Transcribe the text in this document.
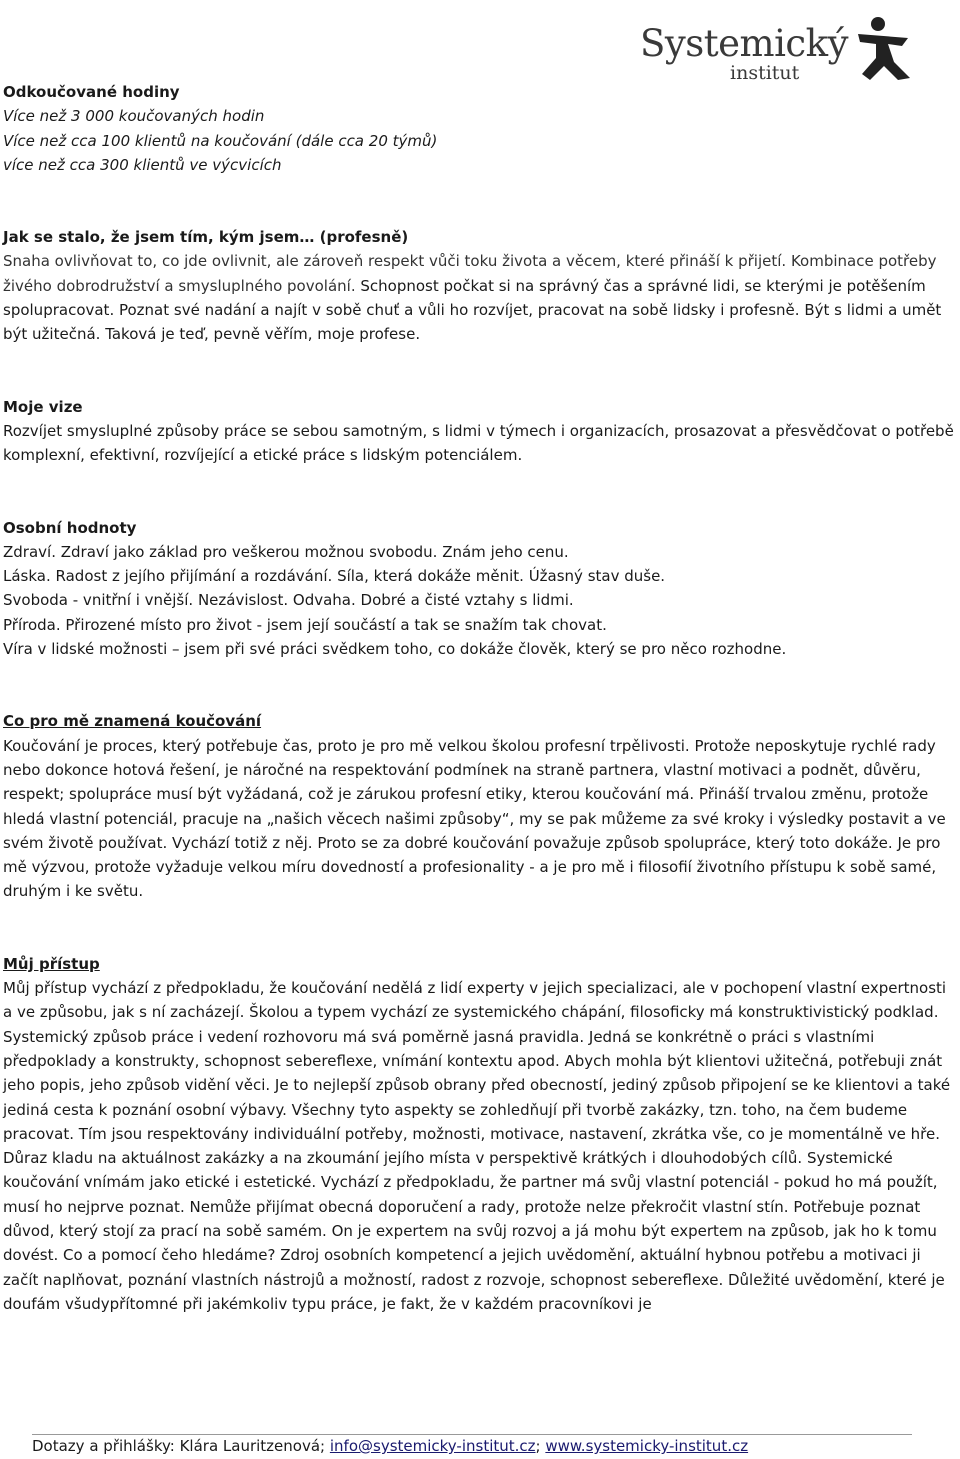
Systemický
institut

Odkoučované hodiny

Více než 3 000 koučovaných hodin

Více než cca 100 klientů na koučování (dále cca 20 týmů)

více než cca 300 klientů ve výcvicích

Jak se stalo, že jsem tím, kým jsem… (profesně)

Snaha ovlivňovat to, co jde ovlivnit, ale zároveň respekt vůči toku života a věcem, které přináší k přijetí. Kombinace potřeby živého dobrodružství a smysluplného povolání. Schopnost počkat si na správný čas a správné lidi, se kterými je potěšením spolupracovat. Poznat své nadání a najít v sobě chuť a vůli ho rozvíjet, pracovat na sobě lidsky i profesně. Být s lidmi a umět být užitečná. Taková je teď, pevně věřím, moje profese.

Moje vize

Rozvíjet smysluplné způsoby práce se sebou samotným, s lidmi v týmech i organizacích, prosazovat a přesvědčovat o potřebě komplexní, efektivní, rozvíjející a etické práce s lidským potenciálem.

Osobní hodnoty

Zdraví. Zdraví jako základ pro veškerou možnou svobodu. Znám jeho cenu.

Láska. Radost z jejího přijímání a rozdávání. Síla, která dokáže měnit. Úžasný stav duše.

Svoboda - vnitřní i vnější. Nezávislost. Odvaha. Dobré a čisté vztahy s lidmi.

Příroda. Přirozené místo pro život - jsem její součástí a tak se snažím tak chovat.

Víra v lidské možnosti – jsem při své práci svědkem toho, co dokáže člověk, který se pro něco rozhodne.

Co pro mě znamená koučování

Koučování je proces, který potřebuje čas, proto je pro mě velkou školou profesní trpělivosti. Protože neposkytuje rychlé rady nebo dokonce hotová řešení, je náročné na respektování podmínek na straně partnera, vlastní motivaci a podnět, důvěru, respekt; spolupráce musí být vyžádaná, což je zárukou profesní etiky, kterou koučování má. Přináší trvalou změnu, protože hledá vlastní potenciál, pracuje na „našich věcech našimi způsoby“, my se pak můžeme za své kroky i výsledky postavit a ve svém životě používat. Vychází totiž z něj. Proto se za dobré koučování považuje způsob spolupráce, který toto dokáže. Je pro mě výzvou, protože vyžaduje velkou míru dovedností a profesionality - a je pro mě i filosofií životního přístupu k sobě samé, druhým i ke světu.

Můj přístup

Můj přístup vychází z předpokladu, že koučování nedělá z lidí experty v jejich specializaci, ale v pochopení vlastní expertnosti a ve způsobu, jak s ní zacházejí. Školou a typem vychází ze systemického chápání, filosoficky má konstruktivistický podklad. Systemický způsob práce i vedení rozhovoru má svá poměrně jasná pravidla. Jedná se konkrétně o práci s vlastními předpoklady a konstrukty, schopnost sebereflexe, vnímání kontextu apod. Abych mohla být klientovi užitečná, potřebuji znát jeho popis, jeho způsob vidění věci. Je to nejlepší způsob obrany před obecností, jediný způsob připojení se ke klientovi a také jediná cesta k poznání osobní výbavy. Všechny tyto aspekty se zohledňují při tvorbě zakázky, tzn. toho, na čem budeme pracovat. Tím jsou respektovány individuální potřeby, možnosti, motivace, nastavení, zkrátka vše, co je momentálně ve hře. Důraz kladu na aktuálnost zakázky a na zkoumání jejího místa v perspektivě krátkých i dlouhodobých cílů. Systemické koučování vnímám jako etické i estetické. Vychází z předpokladu, že partner má svůj vlastní potenciál - pokud ho má použít, musí ho nejprve poznat. Nemůže přijímat obecná doporučení a rady, protože nelze překročit vlastní stín. Potřebuje poznat důvod, který stojí za prací na sobě samém. On je expertem na svůj rozvoj a já mohu být expertem na způsob, jak ho k tomu dovést. Co a pomocí čeho hledáme? Zdroj osobních kompetencí a jejich uvědomění, aktuální hybnou potřebu a motivaci ji začít naplňovat, poznání vlastních nástrojů a možností, radost z rozvoje, schopnost sebereflexe. Důležité uvědomění, které je doufám všudypřítomné při jakémkoliv typu práce, je fakt, že v každém pracovníkovi je

Dotazy a přihlášky: Klára Lauritzenová; info@systemicky-institut.cz; www.systemicky-institut.cz
